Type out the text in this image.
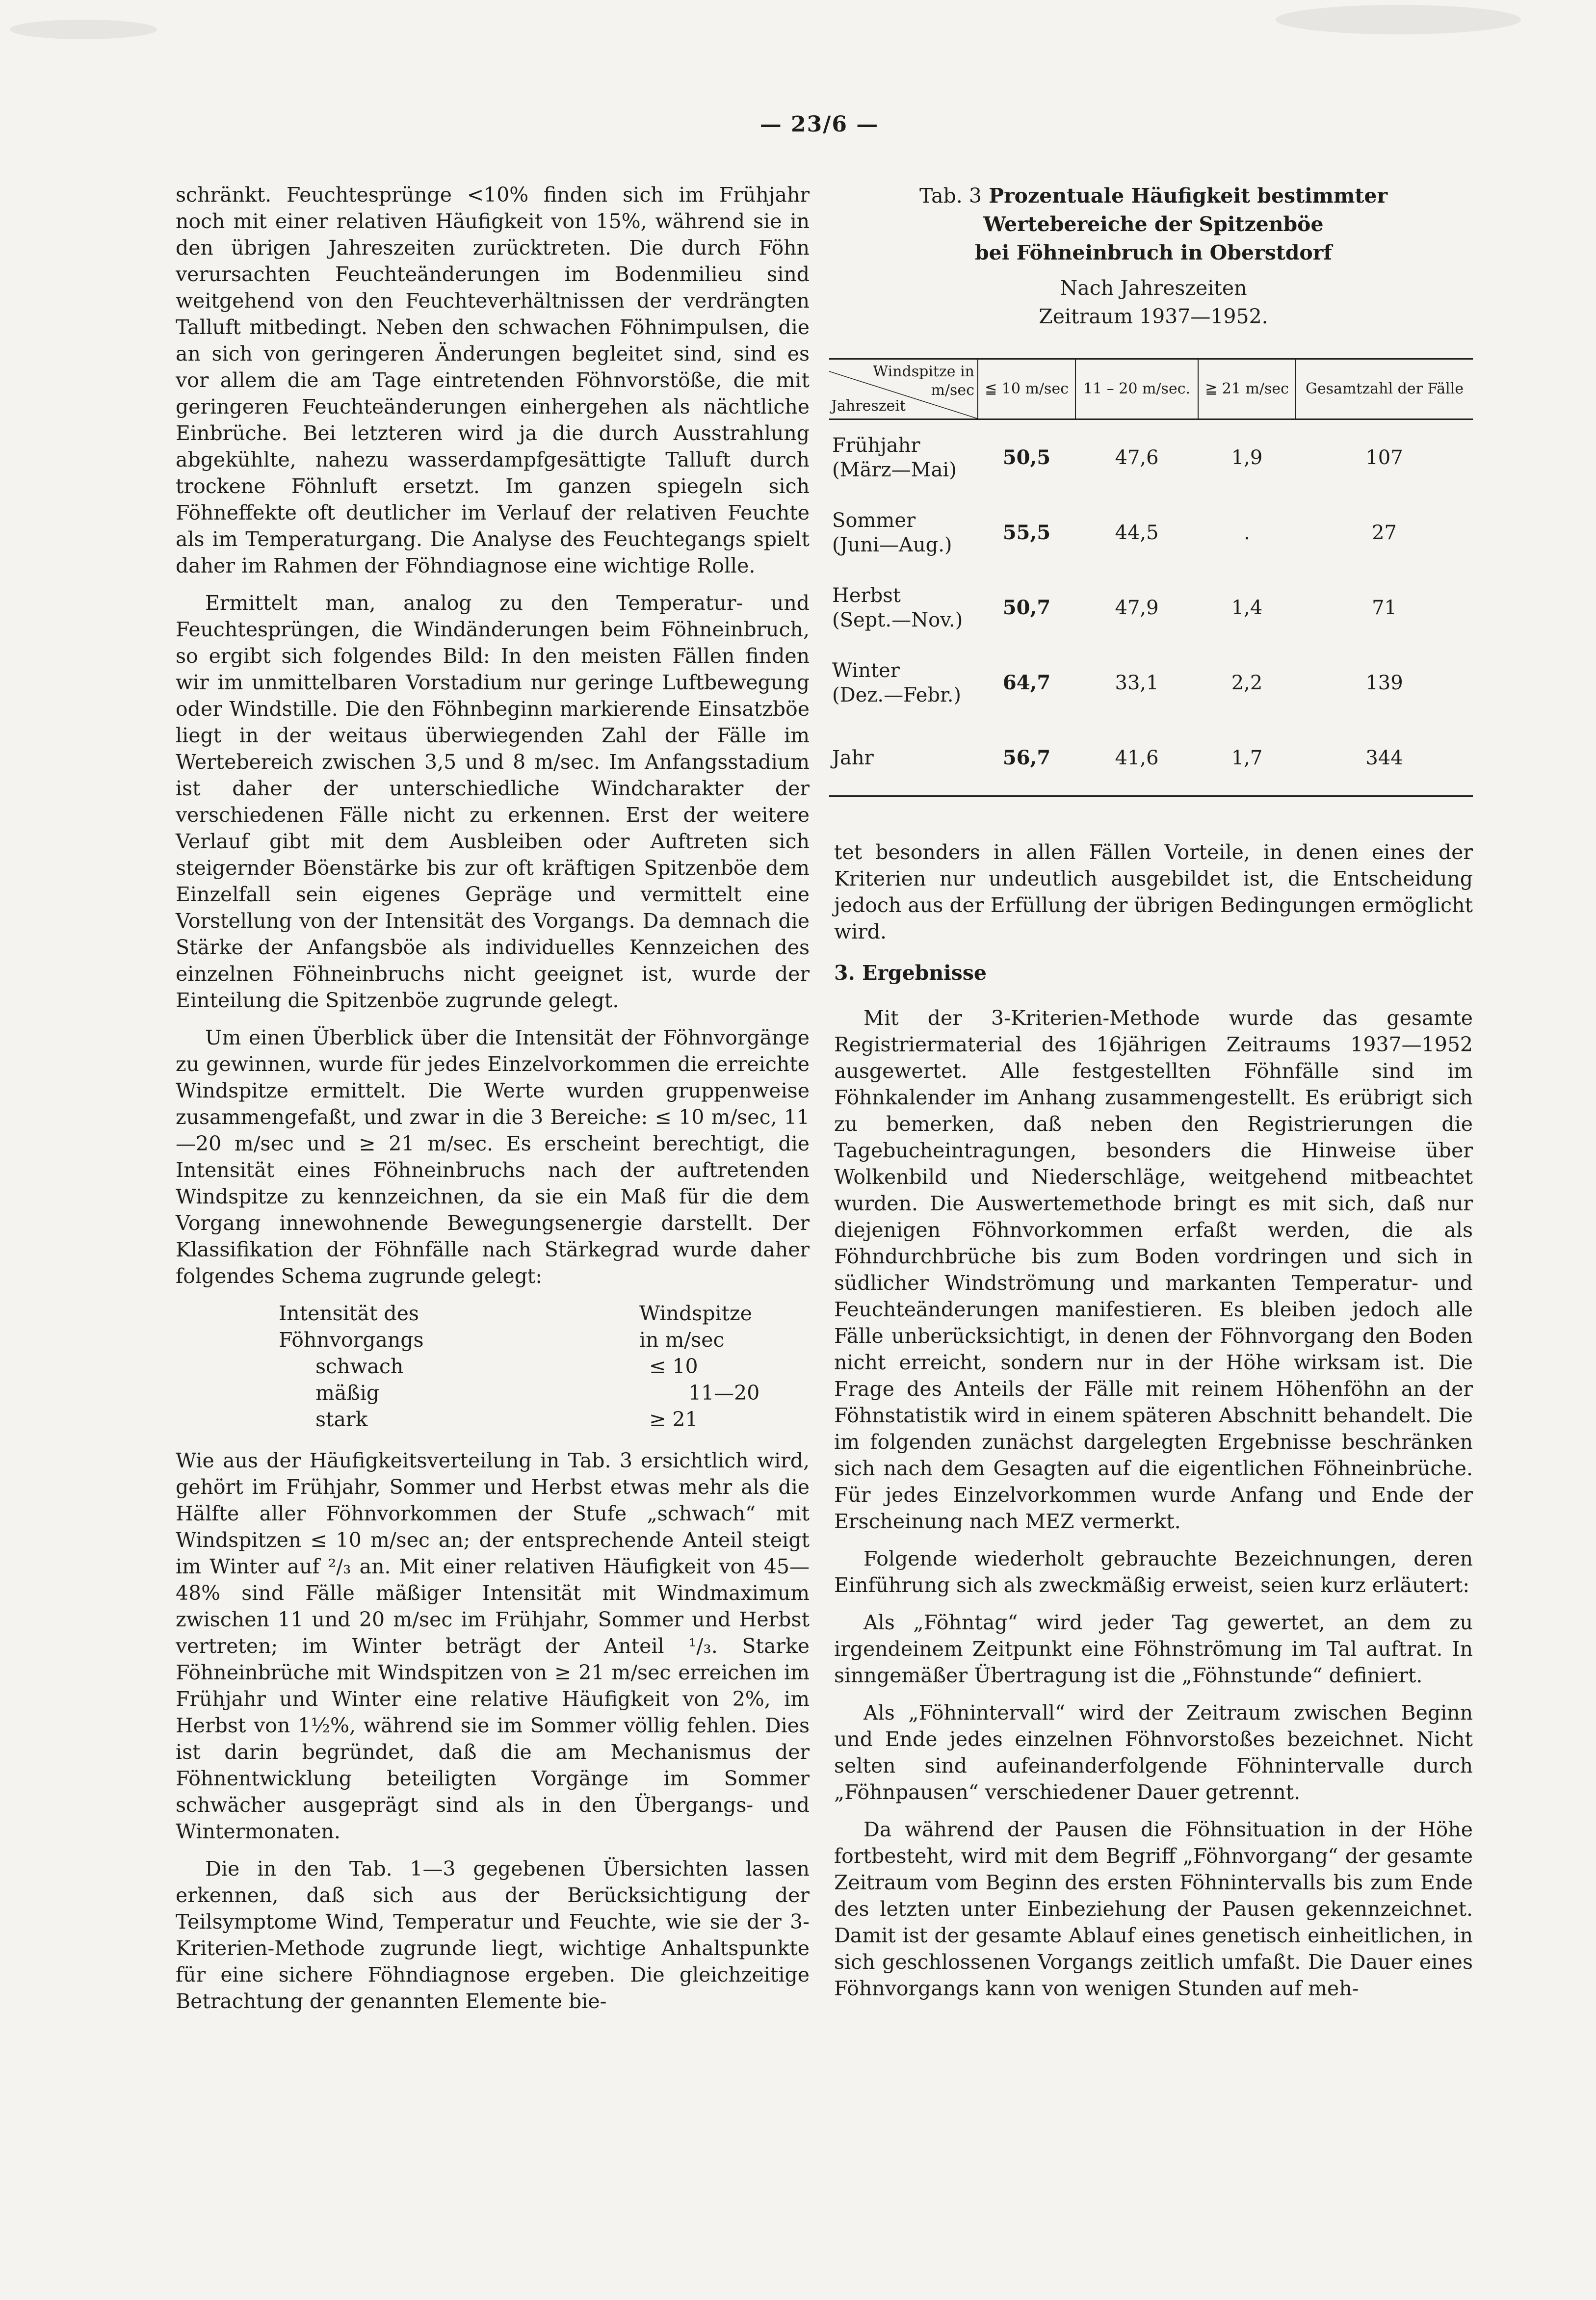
— 23/6 —

schränkt. Feuchtesprünge <10% finden sich im Frühjahr noch mit einer relativen Häufigkeit von 15%, während sie in den übrigen Jahreszeiten zurücktreten. Die durch Föhn verursachten Feuchteänderungen im Bodenmilieu sind weitgehend von den Feuchteverhältnissen der verdrängten Talluft mitbedingt. Neben den schwachen Föhnimpulsen, die an sich von geringeren Änderungen begleitet sind, sind es vor allem die am Tage eintretenden Föhnvorstöße, die mit geringeren Feuchteänderungen einhergehen als nächtliche Einbrüche. Bei letzteren wird ja die durch Ausstrahlung abgekühlte, nahezu wasserdampfgesättigte Talluft durch trockene Föhnluft ersetzt. Im ganzen spiegeln sich Föhneffekte oft deutlicher im Verlauf der relativen Feuchte als im Temperaturgang. Die Analyse des Feuchtegangs spielt daher im Rahmen der Föhndiagnose eine wichtige Rolle.

Ermittelt man, analog zu den Temperatur- und Feuchtesprüngen, die Windänderungen beim Föhneinbruch, so ergibt sich folgendes Bild: In den meisten Fällen finden wir im unmittelbaren Vorstadium nur geringe Luftbewegung oder Windstille. Die den Föhnbeginn markierende Einsatzböe liegt in der weitaus überwiegenden Zahl der Fälle im Wertebereich zwischen 3,5 und 8 m/sec. Im Anfangsstadium ist daher der unterschiedliche Windcharakter der verschiedenen Fälle nicht zu erkennen. Erst der weitere Verlauf gibt mit dem Ausbleiben oder Auftreten sich steigernder Böenstärke bis zur oft kräftigen Spitzenböe dem Einzelfall sein eigenes Gepräge und vermittelt eine Vorstellung von der Intensität des Vorgangs. Da demnach die Stärke der Anfangsböe als individuelles Kennzeichen des einzelnen Föhneinbruchs nicht geeignet ist, wurde der Einteilung die Spitzenböe zugrunde gelegt.

Um einen Überblick über die Intensität der Föhnvorgänge zu gewinnen, wurde für jedes Einzelvorkommen die erreichte Windspitze ermittelt. Die Werte wurden gruppenweise zusammengefaßt, und zwar in die 3 Bereiche: ≤ 10 m/sec, 11—20 m/sec und ≥ 21 m/sec. Es erscheint berechtigt, die Intensität eines Föhneinbruchs nach der auftretenden Windspitze zu kennzeichnen, da sie ein Maß für die dem Vorgang innewohnende Bewegungsenergie darstellt. Der Klassifikation der Föhnfälle nach Stärkegrad wurde daher folgendes Schema zugrunde gelegt:

Intensität des	Windspitze
Föhnvorgangs	in m/sec
schwach	≤ 10
mäßig	11—20
stark	≥ 21

Wie aus der Häufigkeitsverteilung in Tab. 3 ersichtlich wird, gehört im Frühjahr, Sommer und Herbst etwas mehr als die Hälfte aller Föhnvorkommen der Stufe „schwach“ mit Windspitzen ≤ 10 m/sec an; der entsprechende Anteil steigt im Winter auf ²/₃ an. Mit einer relativen Häufigkeit von 45—48% sind Fälle mäßiger Intensität mit Windmaximum zwischen 11 und 20 m/sec im Frühjahr, Sommer und Herbst vertreten; im Winter beträgt der Anteil ¹/₃. Starke Föhneinbrüche mit Windspitzen von ≥ 21 m/sec erreichen im Frühjahr und Winter eine relative Häufigkeit von 2%, im Herbst von 1½%, während sie im Sommer völlig fehlen. Dies ist darin begründet, daß die am Mechanismus der Föhnentwicklung beteiligten Vorgänge im Sommer schwächer ausgeprägt sind als in den Übergangs- und Wintermonaten.

Die in den Tab. 1—3 gegebenen Übersichten lassen erkennen, daß sich aus der Berücksichtigung der Teilsymptome Wind, Temperatur und Feuchte, wie sie der 3-Kriterien-Methode zugrunde liegt, wichtige Anhaltspunkte für eine sichere Föhndiagnose ergeben. Die gleichzeitige Betrachtung der genannten Elemente bie-

Tab. 3 Prozentuale Häufigkeit bestimmter
Wertebereiche der Spitzenböe
bei Föhneinbruch in Oberstdorf
Nach Jahreszeiten
Zeitraum 1937—1952.
Windspitze in m/sec
Jahreszeit	≦ 10 m/sec	11 – 20 m/sec.	≧ 21 m/sec	Gesamtzahl der Fälle

Frühjahr
(März—Mai)	50,5	47,6	1,9	107

Sommer
(Juni—Aug.)	55,5	44,5	.	27

Herbst
(Sept.—Nov.)	50,7	47,9	1,4	71

Winter
(Dez.—Febr.)	64,7	33,1	2,2	139

Jahr	56,7	41,6	1,7	344

tet besonders in allen Fällen Vorteile, in denen eines der Kriterien nur undeutlich ausgebildet ist, die Entscheidung jedoch aus der Erfüllung der übrigen Bedingungen ermöglicht wird.

3. Ergebnisse

Mit der 3-Kriterien-Methode wurde das gesamte Registriermaterial des 16jährigen Zeitraums 1937—1952 ausgewertet. Alle festgestellten Föhnfälle sind im Föhnkalender im Anhang zusammengestellt. Es erübrigt sich zu bemerken, daß neben den Registrierungen die Tagebucheintragungen, besonders die Hinweise über Wolkenbild und Niederschläge, weitgehend mitbeachtet wurden. Die Auswertemethode bringt es mit sich, daß nur diejenigen Föhnvorkommen erfaßt werden, die als Föhndurchbrüche bis zum Boden vordringen und sich in südlicher Windströmung und markanten Temperatur- und Feuchteänderungen manifestieren. Es bleiben jedoch alle Fälle unberücksichtigt, in denen der Föhnvorgang den Boden nicht erreicht, sondern nur in der Höhe wirksam ist. Die Frage des Anteils der Fälle mit reinem Höhenföhn an der Föhnstatistik wird in einem späteren Abschnitt behandelt. Die im folgenden zunächst dargelegten Ergebnisse beschränken sich nach dem Gesagten auf die eigentlichen Föhneinbrüche. Für jedes Einzelvorkommen wurde Anfang und Ende der Erscheinung nach MEZ vermerkt.

Folgende wiederholt gebrauchte Bezeichnungen, deren Einführung sich als zweckmäßig erweist, seien kurz erläutert:

Als „Föhntag“ wird jeder Tag gewertet, an dem zu irgendeinem Zeitpunkt eine Föhnströmung im Tal auftrat. In sinngemäßer Übertragung ist die „Föhnstunde“ definiert.

Als „Föhnintervall“ wird der Zeitraum zwischen Beginn und Ende jedes einzelnen Föhnvorstoßes bezeichnet. Nicht selten sind aufeinanderfolgende Föhnintervalle durch „Föhnpausen“ verschiedener Dauer getrennt.

Da während der Pausen die Föhnsituation in der Höhe fortbesteht, wird mit dem Begriff „Föhnvorgang“ der gesamte Zeitraum vom Beginn des ersten Föhnintervalls bis zum Ende des letzten unter Einbeziehung der Pausen gekennzeichnet. Damit ist der gesamte Ablauf eines genetisch einheitlichen, in sich geschlossenen Vorgangs zeitlich umfaßt. Die Dauer eines Föhnvorgangs kann von wenigen Stunden auf meh-
